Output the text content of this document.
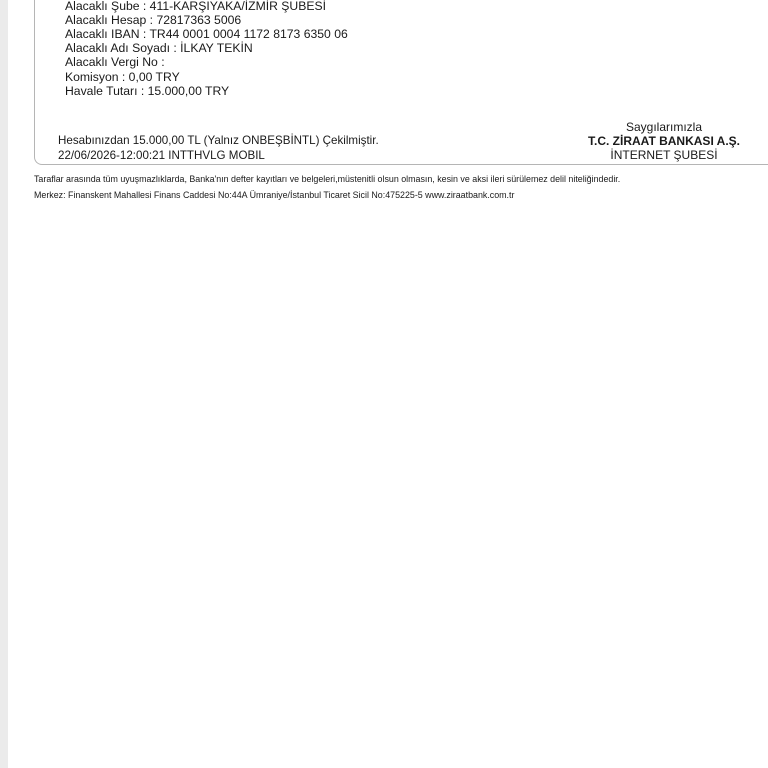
Alacaklı Şube : 411-KARŞIYAKA/İZMİR ŞUBESİ
Alacaklı Hesap : 72817363 5006
Alacaklı IBAN : TR44 0001 0004 1172 8173 6350 06
Alacaklı Adı Soyadı : İLKAY TEKİN
Alacaklı Vergi No :
Komisyon : 0,00 TRY
Havale Tutarı : 15.000,00 TRY
Saygılarımızla
T.C. ZİRAAT BANKASI A.Ş.
İNTERNET ŞUBESİ
Hesabınızdan 15.000,00 TL (Yalnız ONBEŞBİNTL) Çekilmiştir.
22/06/2026-12:00:21 INTTHVLG MOBIL
Taraflar arasında tüm uyuşmazlıklarda, Banka'nın defter kayıtları ve belgeleri,müstenitli olsun olmasın, kesin ve aksi ileri sürülemez delil niteliğindedir.
Merkez: Finanskent Mahallesi Finans Caddesi No:44A Ümraniye/İstanbul Ticaret Sicil No:475225-5 www.ziraatbank.com.tr
